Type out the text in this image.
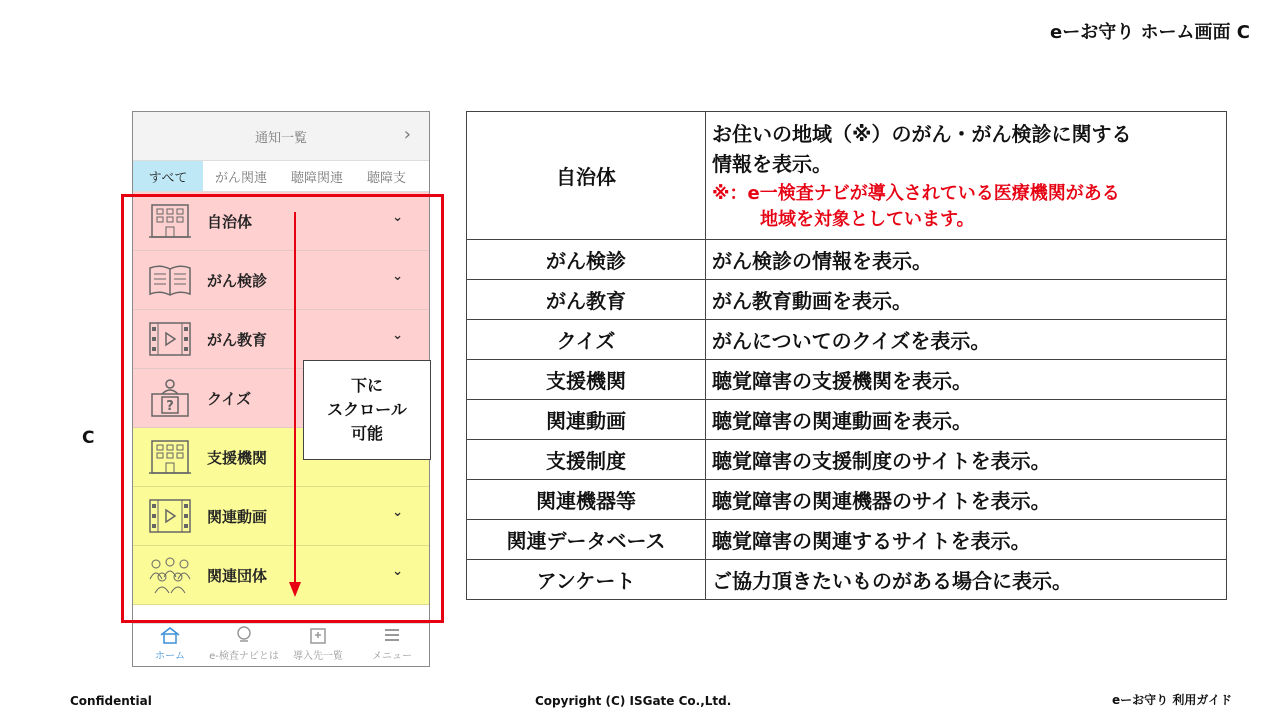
eーお守り ホーム画面 C
C
通知一覧	›
すべて	がん関連	聴障関連	聴障支
自治体	⌄
がん検診	⌄
がん教育	⌄
? クイズ
支援機関
関連動画	⌄
関連団体	⌄
ホーム e-検査ナビとは 導入先一覧	メニュー
下に
スクロール
可能
自治体	お住いの地域（※）のがん・がん検診に関する
情報を表示。
※：e一検査ナビが導入されている医療機関がある
地域を対象としています。

がん検診	がん検診の情報を表示。
がん教育	がん教育動画を表示。
クイズ	がんについてのクイズを表示。
支援機関	聴覚障害の支援機関を表示。
関連動画	聴覚障害の関連動画を表示。
支援制度	聴覚障害の支援制度のサイトを表示。
関連機器等	聴覚障害の関連機器のサイトを表示。
関連データベース	聴覚障害の関連するサイトを表示。
アンケート	ご協力頂きたいものがある場合に表示。
Confidential	Copyright (C) ISGate Co.,Ltd.	eーお守り 利用ガイド
